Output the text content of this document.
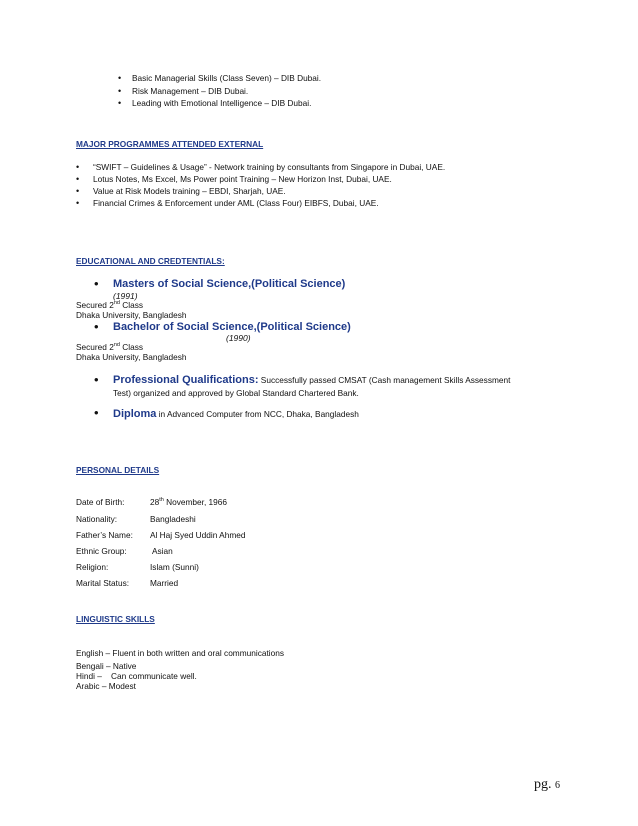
• Basic Managerial Skills (Class Seven) – DIB Dubai.
• Risk Management – DIB Dubai.
• Leading with Emotional Intelligence – DIB Dubai.
MAJOR PROGRAMMES ATTENDED EXTERNAL
• “SWIFT – Guidelines & Usage” - Network training by consultants from Singapore in Dubai, UAE.
• Lotus Notes, Ms Excel, Ms Power point Training – New Horizon Inst, Dubai, UAE.
• Value at Risk Models training – EBDI, Sharjah, UAE.
• Financial Crimes & Enforcement under AML (Class Four) EIBFS, Dubai, UAE.
EDUCATIONAL AND CREDTENTIALS:
• Masters of Social Science,(Political Science)
(1991)
Secured 2nd Class
Dhaka University, Bangladesh
• Bachelor of Social Science,(Political Science)
(1990)
Secured 2nd Class
Dhaka University, Bangladesh
• Professional Qualifications: Successfully passed CMSAT (Cash management Skills Assessment Test) organized and approved by Global Standard Chartered Bank.
• Diploma in Advanced Computer from NCC, Dhaka, Bangladesh
PERSONAL DETAILS
Date of Birth:	28th November, 1966
Nationality:	Bangladeshi
Father’s Name: Al Haj Syed Uddin Ahmed
Ethnic Group:	Asian
Religion:	Islam (Sunni)
Marital Status:	Married
LINGUISTIC SKILLS
English – Fluent in both written and oral communications
Bengali – Native
Hindi –    Can communicate well.
Arabic – Modest
pg. 6
